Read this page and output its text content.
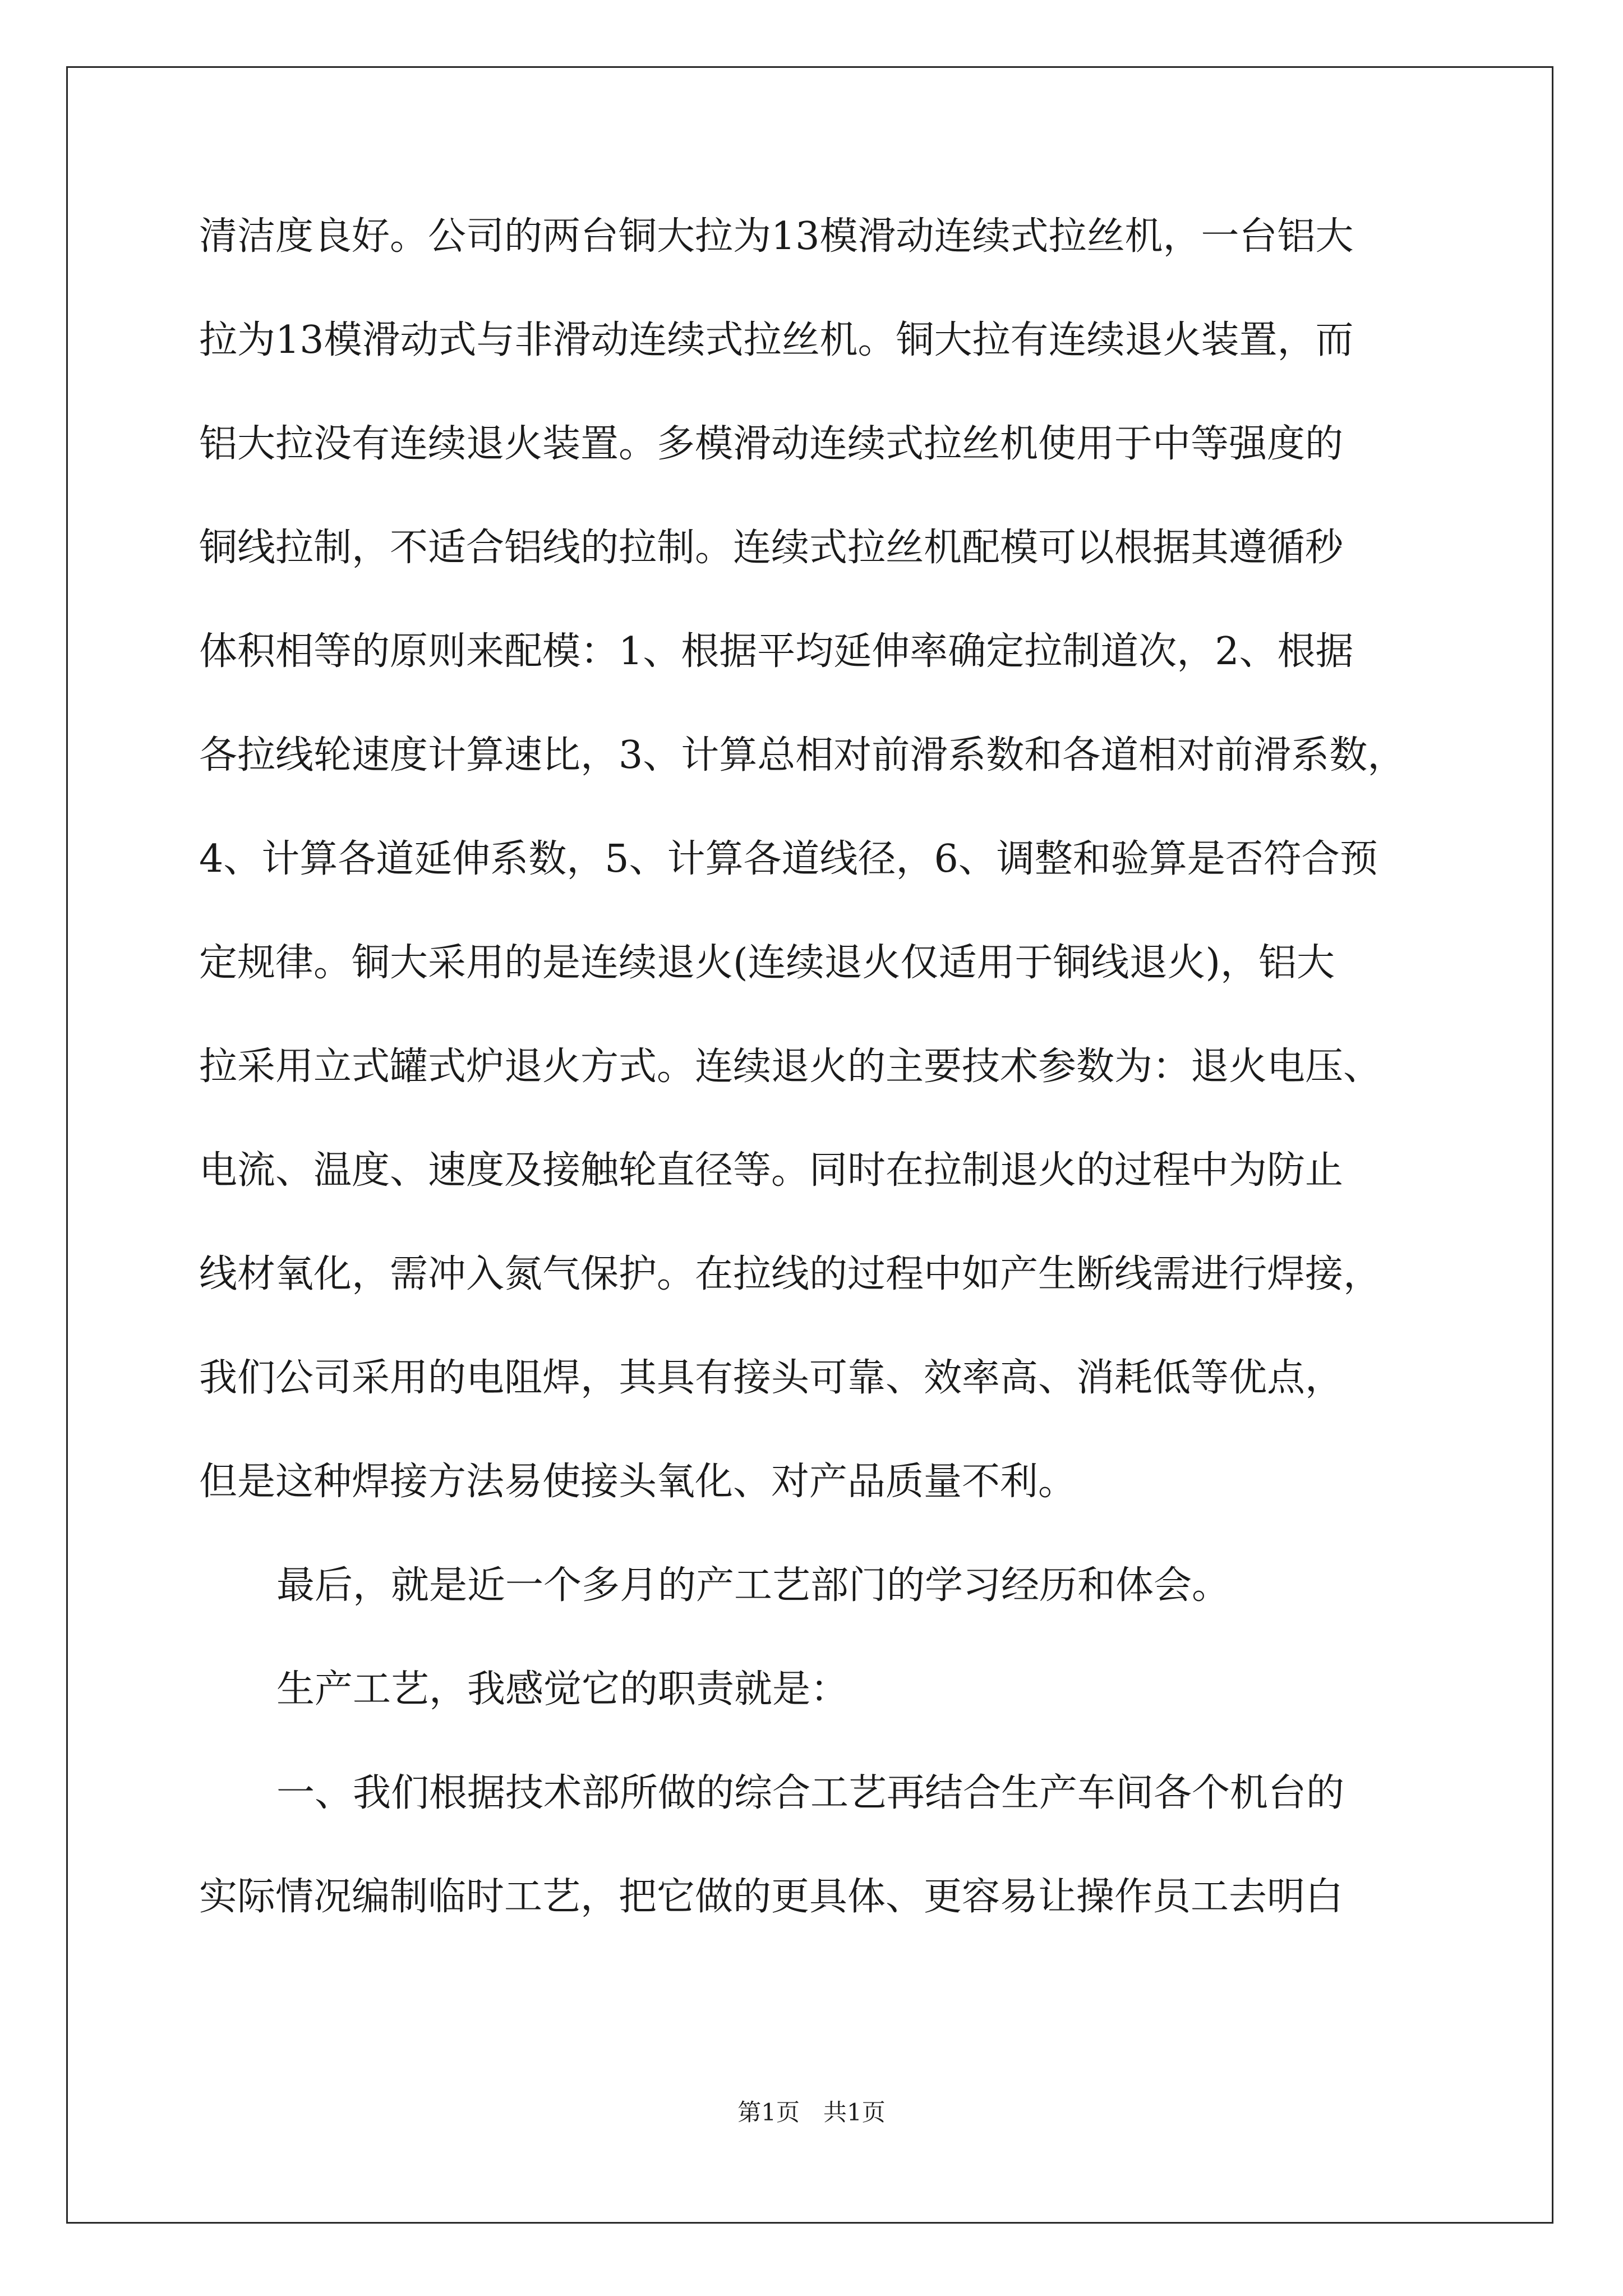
清洁度良好。公司的两台铜大拉为13模滑动连续式拉丝机，一台铝大
拉为13模滑动式与非滑动连续式拉丝机。铜大拉有连续退火装置，而
铝大拉没有连续退火装置。多模滑动连续式拉丝机使用于中等强度的
铜线拉制，不适合铝线的拉制。连续式拉丝机配模可以根据其遵循秒
体积相等的原则来配模：1、根据平均延伸率确定拉制道次，2、根据
各拉线轮速度计算速比，3、计算总相对前滑系数和各道相对前滑系数，
4、计算各道延伸系数，5、计算各道线径，6、调整和验算是否符合预
定规律。铜大采用的是连续退火(连续退火仅适用于铜线退火)，铝大
拉采用立式罐式炉退火方式。连续退火的主要技术参数为：退火电压、
电流、温度、速度及接触轮直径等。同时在拉制退火的过程中为防止
线材氧化，需冲入氮气保护。在拉线的过程中如产生断线需进行焊接，
我们公司采用的电阻焊，其具有接头可靠、效率高、消耗低等优点，
但是这种焊接方法易使接头氧化、对产品质量不利。
最后，就是近一个多月的产工艺部门的学习经历和体会。
生产工艺，我感觉它的职责就是：
一、我们根据技术部所做的综合工艺再结合生产车间各个机台的
实际情况编制临时工艺，把它做的更具体、更容易让操作员工去明白
第1页　共1页
